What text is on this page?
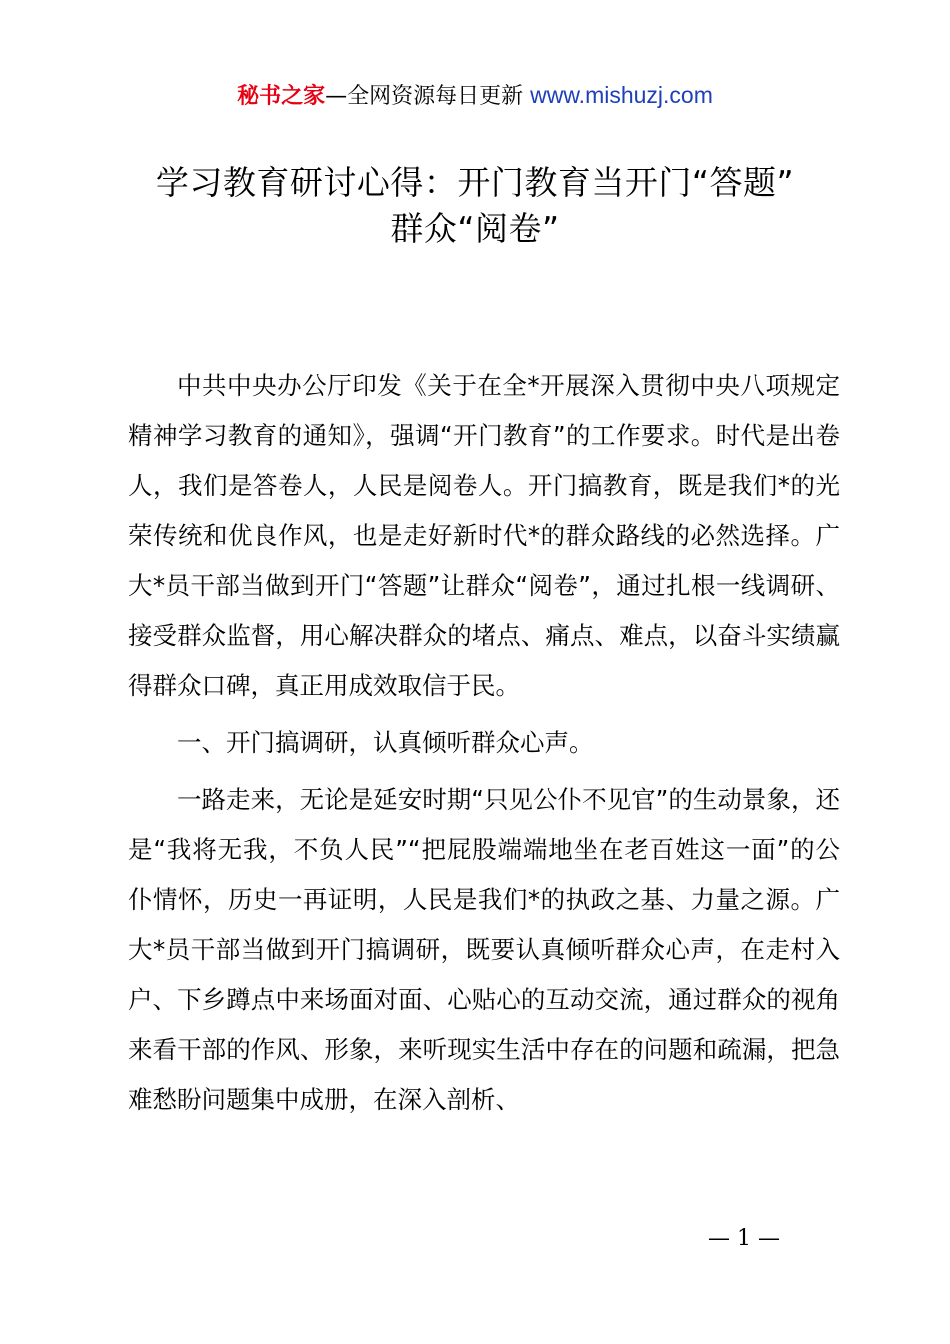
秘书之家—全网资源每日更新 www.mishuzj.com
学习教育研讨心得：开门教育当开门“答题”
群众“阅卷”

中共中央办公厅印发《关于在全*开展深入贯彻中央八项规定精神学习教育的通知》，强调“开门教育”的工作要求。时代是出卷人，我们是答卷人，人民是阅卷人。开门搞教育，既是我们*的光荣传统和优良作风，也是走好新时代*的群众路线的必然选择。广大*员干部当做到开门“答题”让群众“阅卷”，通过扎根一线调研、接受群众监督，用心解决群众的堵点、痛点、难点，以奋斗实绩赢得群众口碑，真正用成效取信于民。

一、开门搞调研，认真倾听群众心声。

一路走来，无论是延安时期“只见公仆不见官”的生动景象，还是“我将无我，不负人民”“把屁股端端地坐在老百姓这一面”的公仆情怀，历史一再证明，人民是我们*的执政之基、力量之源。广大*员干部当做到开门搞调研，既要认真倾听群众心声，在走村入户、下乡蹲点中来场面对面、心贴心的互动交流，通过群众的视角来看干部的作风、形象，来听现实生活中存在的问题和疏漏，把急难愁盼问题集中成册，在深入剖析、

— 1 —
